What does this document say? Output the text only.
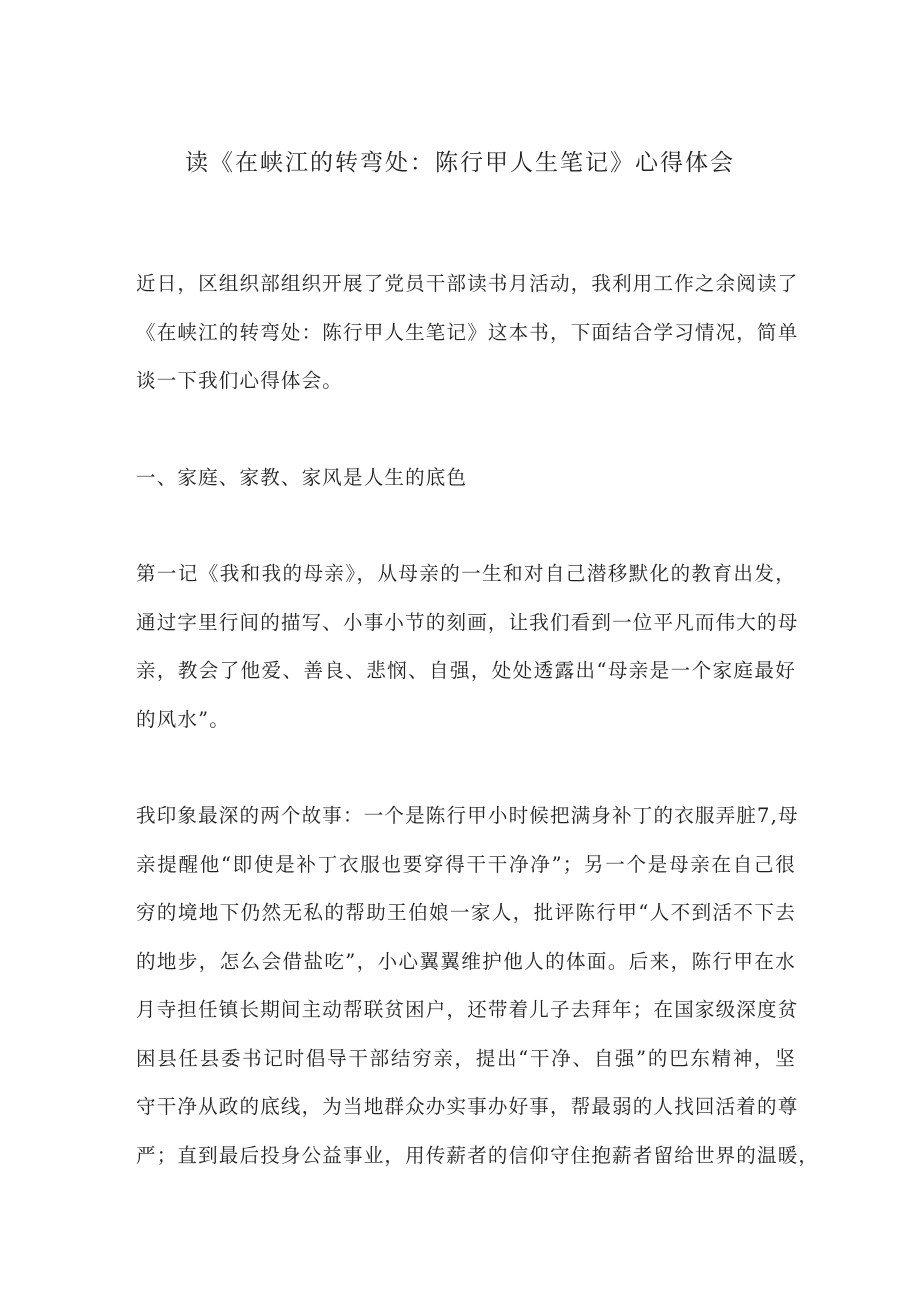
读《在峡江的转弯处：陈行甲人生笔记》心得体会
近日，区组织部组织开展了党员干部读书月活动，我利用工作之余阅读了
《在峡江的转弯处：陈行甲人生笔记》这本书，下面结合学习情况，简单
谈一下我们心得体会。
一、家庭、家教、家风是人生的底色
第一记《我和我的母亲》，从母亲的一生和对自己潜移默化的教育出发，
通过字里行间的描写、小事小节的刻画，让我们看到一位平凡而伟大的母
亲，教会了他爱、善良、悲悯、自强，处处透露出“母亲是一个家庭最好
的风水”。
我印象最深的两个故事：一个是陈行甲小时候把满身补丁的衣服弄脏7,母
亲提醒他“即使是补丁衣服也要穿得干干净净”；另一个是母亲在自己很
穷的境地下仍然无私的帮助王伯娘一家人，批评陈行甲“人不到活不下去
的地步，怎么会借盐吃”，小心翼翼维护他人的体面。后来，陈行甲在水
月寺担任镇长期间主动帮联贫困户，还带着儿子去拜年；在国家级深度贫
困县任县委书记时倡导干部结穷亲，提出“干净、自强”的巴东精神，坚
守干净从政的底线，为当地群众办实事办好事，帮最弱的人找回活着的尊
严；直到最后投身公益事业，用传薪者的信仰守住抱薪者留给世界的温暖，
